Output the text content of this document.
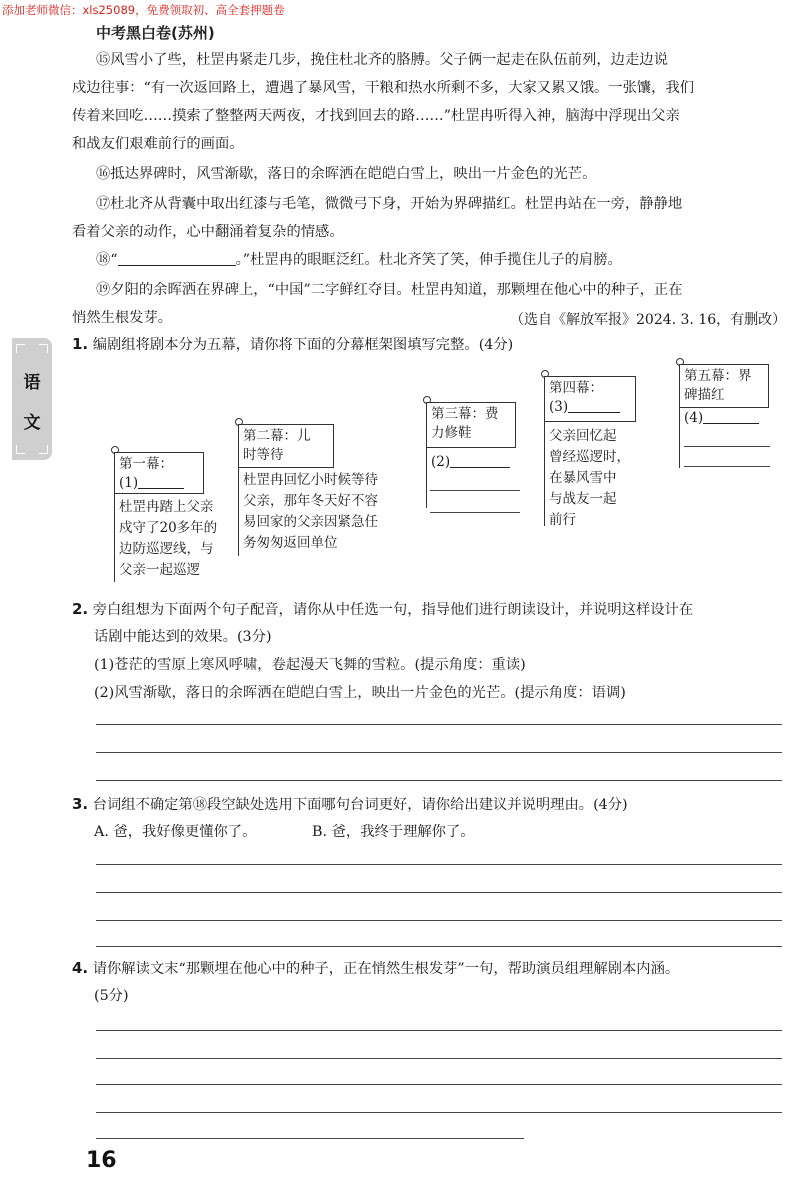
添加老师微信：xls25089，免费领取初、高全套押题卷
中考黑白卷(苏州)
语
文
⑮风雪小了些，杜罡冉紧走几步，挽住杜北齐的胳膊。父子俩一起走在队伍前列，边走边说
戍边往事：“有一次返回路上，遭遇了暴风雪，干粮和热水所剩不多，大家又累又饿。一张馕，我们
传着来回吃……摸索了整整两天两夜，才找到回去的路……”杜罡冉听得入神，脑海中浮现出父亲
和战友们艰难前行的画面。
⑯抵达界碑时，风雪渐歇，落日的余晖洒在皑皑白雪上，映出一片金色的光芒。
⑰杜北齐从背囊中取出红漆与毛笔，微微弓下身，开始为界碑描红。杜罡冉站在一旁，静静地
看着父亲的动作，心中翻涌着复杂的情感。
⑱“	。”杜罡冉的眼眶泛红。杜北齐笑了笑，伸手揽住儿子的肩膀。
⑲夕阳的余晖洒在界碑上，“中国”二字鲜红夺目。杜罡冉知道，那颗埋在他心中的种子，正在
悄然生根发芽。	（选自《解放军报》2024. 3. 16，有删改）
1. 编剧组将剧本分为五幕，请你将下面的分幕框架图填写完整。(4分)
第一幕：
(1)
杜罡冉踏上父亲
戍守了20多年的
边防巡逻线，与
父亲一起巡逻
第二幕：儿
时等待
杜罡冉回忆小时候等待
父亲，那年冬天好不容
易回家的父亲因紧急任
务匆匆返回单位
第三幕：费
力修鞋
(2)
第四幕：
(3)
父亲回忆起
曾经巡逻时，
在暴风雪中
与战友一起
前行
第五幕：界
碑描红
(4)
2. 旁白组想为下面两个句子配音，请你从中任选一句，指导他们进行朗读设计，并说明这样设计在
话剧中能达到的效果。(3分)
(1)苍茫的雪原上寒风呼啸，卷起漫天飞舞的雪粒。(提示角度：重读)
(2)风雪渐歇，落日的余晖洒在皑皑白雪上，映出一片金色的光芒。(提示角度：语调)
3. 台词组不确定第⑱段空缺处选用下面哪句台词更好，请你给出建议并说明理由。(4分)
A. 爸，我好像更懂你了。	B. 爸，我终于理解你了。
4. 请你解读文末“那颗埋在他心中的种子，正在悄然生根发芽”一句，帮助演员组理解剧本内涵。
(5分)
16
